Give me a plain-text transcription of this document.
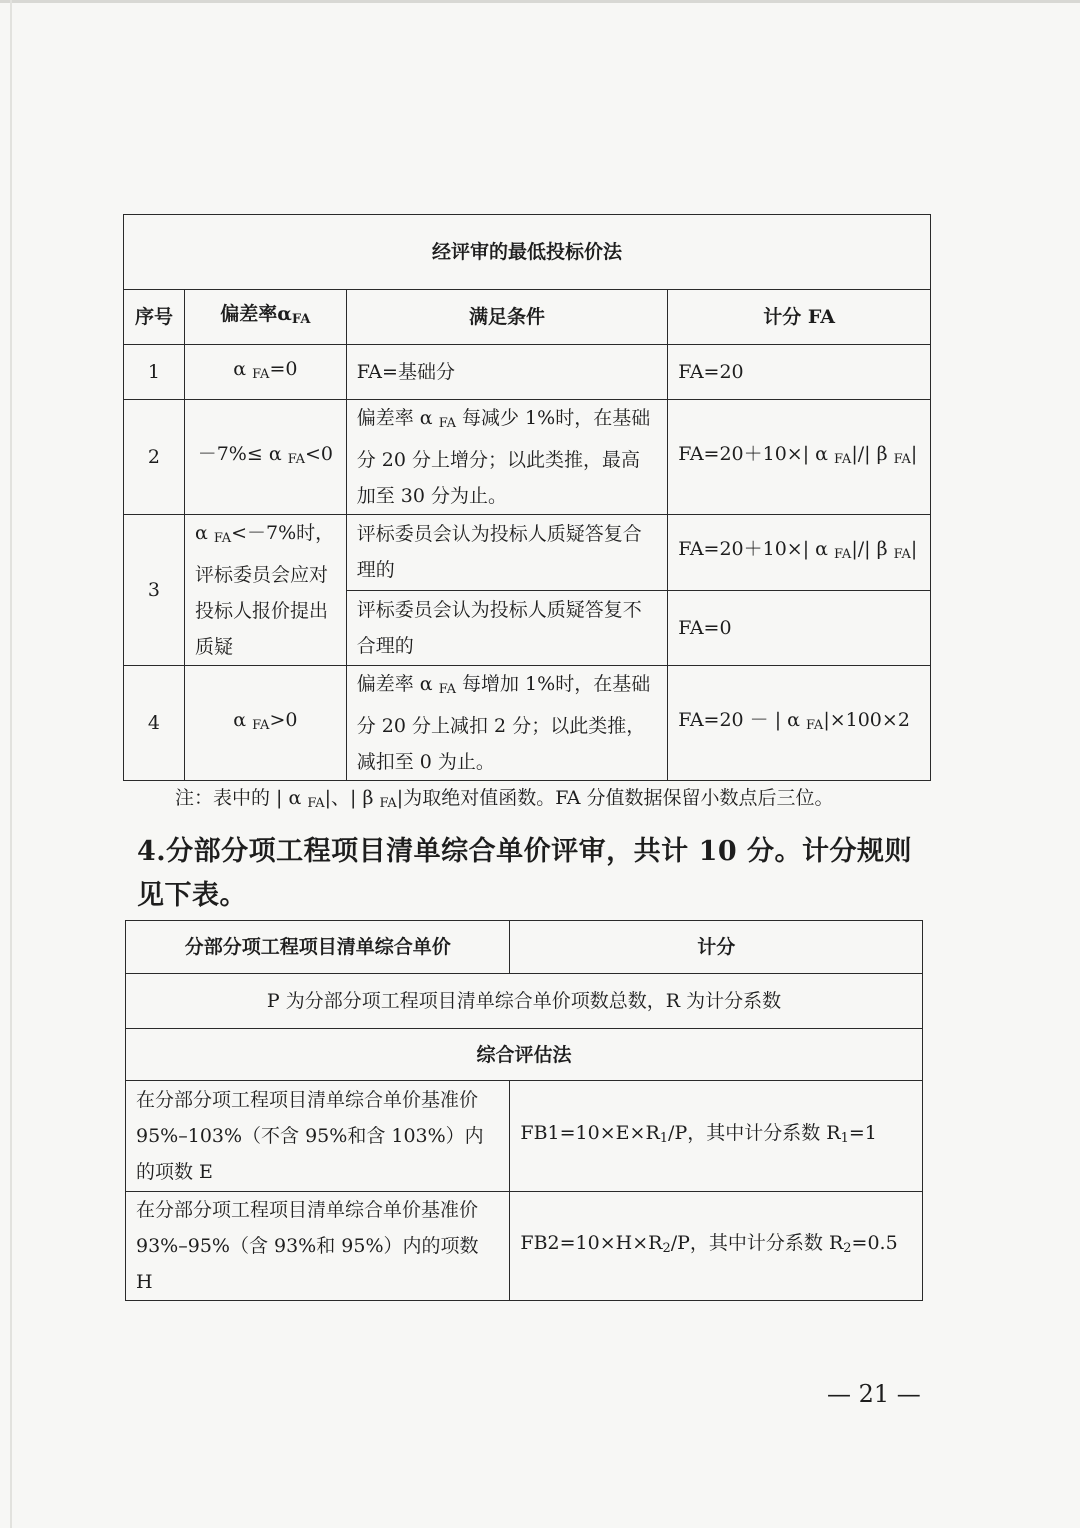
经评审的最低投标价法			
序号	偏差率$\alpha_{FA}$	满足条件	计分 FA
1	α $_{FA}$=0	FA=基础分	FA=20
2	－7%≤ α $_{FA}$<0	偏差率 α $_{FA}$ 每减少 1%时，在基础分 20 分上增分；以此类推，最高加至 30 分为止。	FA=20＋10×| α $_{FA}$|/| β $_{FA}$|
3	α $_{FA}$<－7%时，评标委员会应对投标人报价提出质疑	评标委员会认为投标人质疑答复合理的	FA=20＋10×| α $_{FA}$|/| β $_{FA}$|
		评标委员会认为投标人质疑答复不合理的	FA=0
4	α $_{FA}$>0	偏差率 α $_{FA}$ 每增加 1%时，在基础分 20 分上减扣 2 分；以此类推，减扣至 0 为止。	FA=20 － | α $_{FA}$|×100×2
注：表中的 | α $_{FA}$|、| β $_{FA}$|为取绝对值函数。FA 分值数据保留小数点后三位。
4.分部分项工程项目清单综合单价评审，共计 10 分。计分规则见下表。
分部分项工程项目清单综合单价	计分
P 为分部分项工程项目清单综合单价项数总数，R 为计分系数	
综合评估法	
在分部分项工程项目清单综合单价基准价 95%–103%（不含 95%和含 103%）内的项数 E	$FB1=10\times E\times R_1/P$，其中计分系数 $R_1=1$
在分部分项工程项目清单综合单价基准价 93%–95%（含 93%和 95%）内的项数 H	$FB2=10\times H\times R_2/P$，其中计分系数 $R_2=0.5$
— 21 —
